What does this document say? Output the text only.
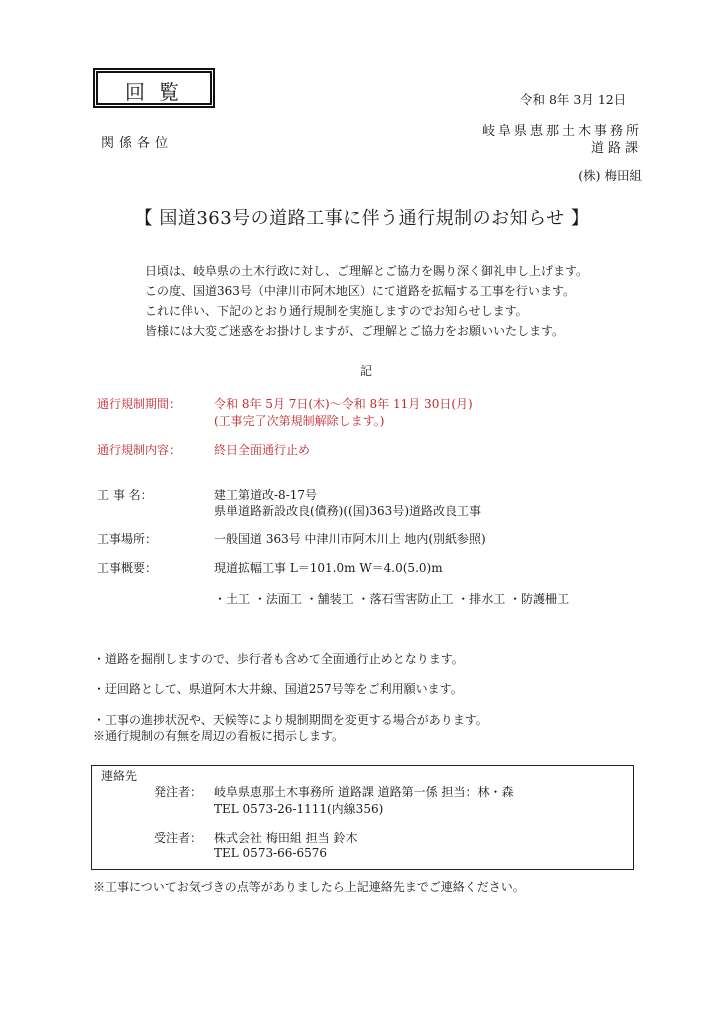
回覧	令和 8年 3月 12日
関係各位
岐阜県恵那土木事務所
道路課
(株) 梅田組
【 国道363号の道路工事に伴う通行規制のお知らせ 】
日頃は、岐阜県の土木行政に対し、ご理解とご協力を賜り深く御礼申し上げます。
この度、国道363号（中津川市阿木地区）にて道路を拡幅する工事を行います。
これに伴い、下記のとおり通行規制を実施しますのでお知らせします。
皆様には大変ご迷惑をお掛けしますが、ご理解とご協力をお願いいたします。
記
通行規制期間：	令和 8年 5月 7日(木)～令和 8年 11月 30日(月)
(工事完了次第規制解除します。)
通行規制内容：	終日全面通行止め
工 事 名：	建工第道改-8-17号
県単道路新設改良(債務)((国)363号)道路改良工事
工事場所：	一般国道 363号 中津川市阿木川上 地内(別紙参照)
工事概要：	現道拡幅工事 L＝101.0m W＝4.0(5.0)m
・土工 ・法面工 ・舗装工 ・落石雪害防止工 ・排水工 ・防護柵工
・道路を掘削しますので、歩行者も含めて全面通行止めとなります。
・迂回路として、県道阿木大井線、国道257号等をご利用願います。
・工事の進捗状況や、天候等により規制期間を変更する場合があります。
※通行規制の有無を周辺の看板に掲示します。
連絡先
発注者： 岐阜県恵那土木事務所 道路課 道路第一係 担当：林・森
TEL 0573-26-1111(内線356)
受注者： 株式会社 梅田組 担当 鈴木
TEL 0573-66-6576
※工事についてお気づきの点等がありましたら上記連絡先までご連絡ください。
